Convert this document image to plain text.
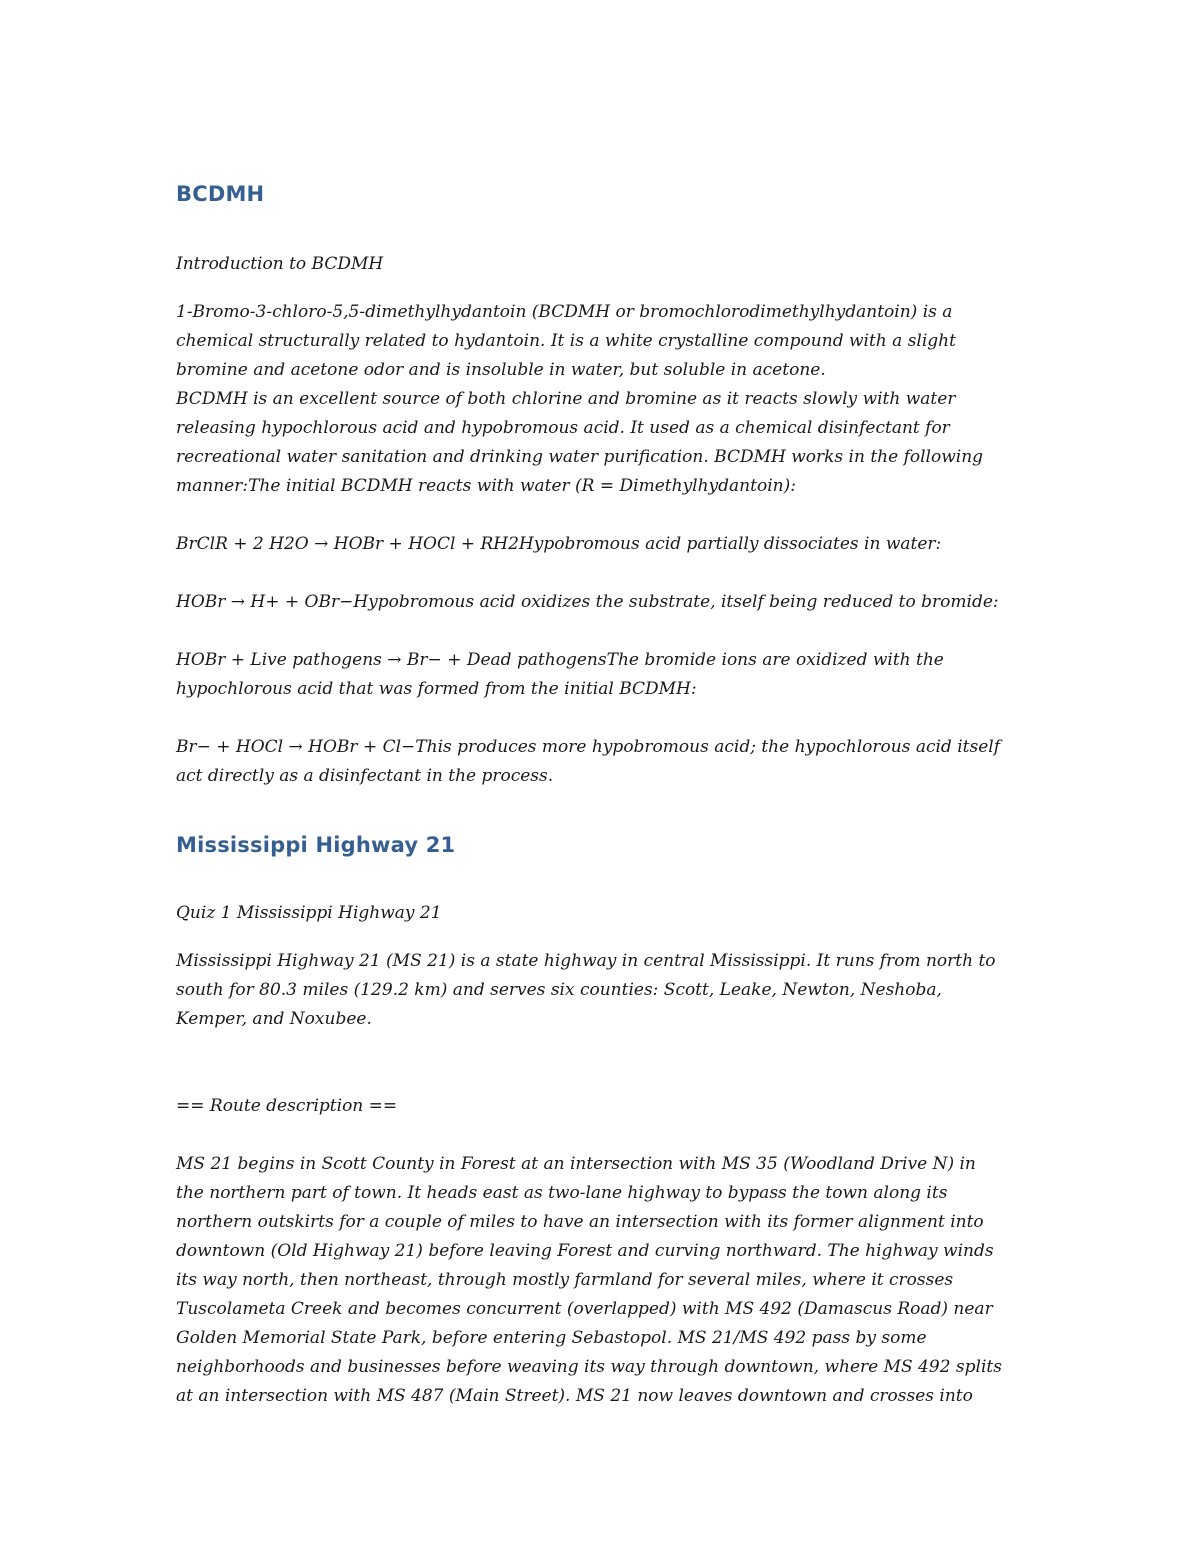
BCDMH

Introduction to BCDMH

1-Bromo-3-chloro-5,5-dimethylhydantoin (BCDMH or bromochlorodimethylhydantoin) is a
chemical structurally related to hydantoin. It is a white crystalline compound with a slight
bromine and acetone odor and is insoluble in water, but soluble in acetone.
BCDMH is an excellent source of both chlorine and bromine as it reacts slowly with water
releasing hypochlorous acid and hypobromous acid. It used as a chemical disinfectant for
recreational water sanitation and drinking water purification. BCDMH works in the following
manner:The initial BCDMH reacts with water (R = Dimethylhydantoin):

BrClR + 2 H2O → HOBr + HOCl + RH2Hypobromous acid partially dissociates in water:

HOBr → H+ + OBr−Hypobromous acid oxidizes the substrate, itself being reduced to bromide:

HOBr + Live pathogens → Br− + Dead pathogensThe bromide ions are oxidized with the
hypochlorous acid that was formed from the initial BCDMH:

Br− + HOCl → HOBr + Cl−This produces more hypobromous acid; the hypochlorous acid itself
act directly as a disinfectant in the process.

Mississippi Highway 21

Quiz 1 Mississippi Highway 21

Mississippi Highway 21 (MS 21) is a state highway in central Mississippi. It runs from north to
south for 80.3 miles (129.2 km) and serves six counties: Scott, Leake, Newton, Neshoba,
Kemper, and Noxubee.

== Route description ==

MS 21 begins in Scott County in Forest at an intersection with MS 35 (Woodland Drive N) in
the northern part of town. It heads east as two-lane highway to bypass the town along its
northern outskirts for a couple of miles to have an intersection with its former alignment into
downtown (Old Highway 21) before leaving Forest and curving northward. The highway winds
its way north, then northeast, through mostly farmland for several miles, where it crosses
Tuscolameta Creek and becomes concurrent (overlapped) with MS 492 (Damascus Road) near
Golden Memorial State Park, before entering Sebastopol. MS 21/MS 492 pass by some
neighborhoods and businesses before weaving its way through downtown, where MS 492 splits
at an intersection with MS 487 (Main Street). MS 21 now leaves downtown and crosses into
